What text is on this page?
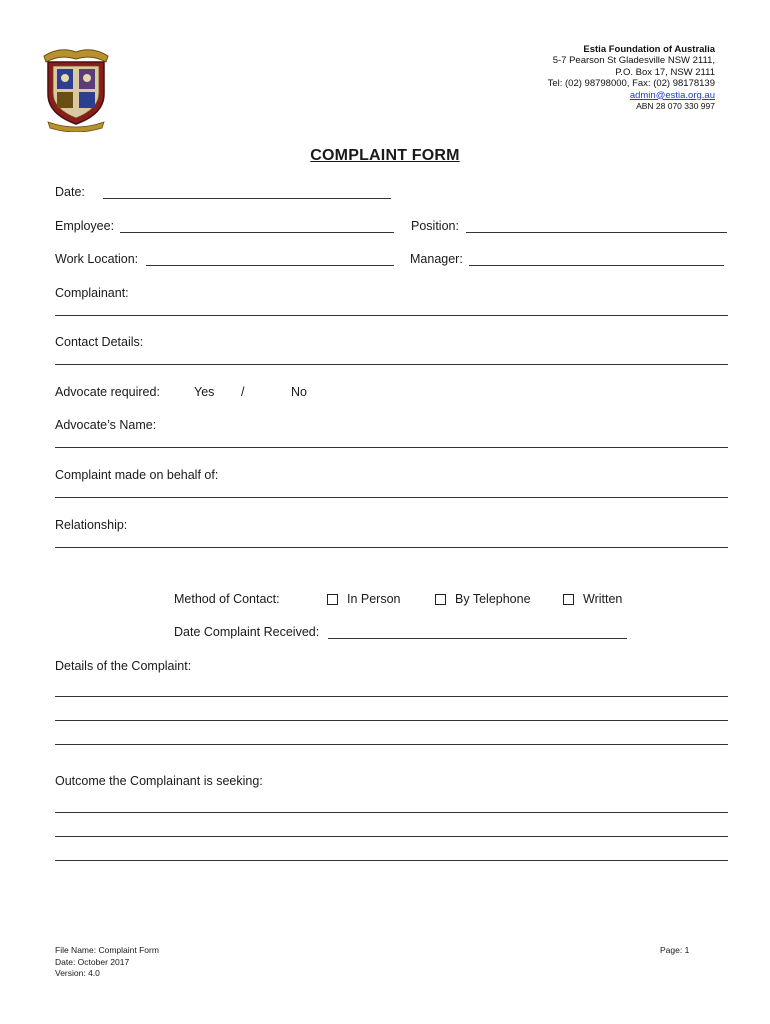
Estia Foundation of Australia
5-7 Pearson St Gladesville NSW 2111,
P.O. Box 17, NSW 2111
Tel: (02) 98798000, Fax: (02) 98178139
admin@estia.org.au
ABN 28 070 330 997
COMPLAINT FORM
Date:
Employee:	Position:
Work Location:	Manager:
Complainant:
Contact Details:
Advocate required:	Yes /	No
Advocate’s Name:
Complaint made on behalf of:
Relationship:
Method of Contact:	In Person	By Telephone	Written
Date Complaint Received:
Details of the Complaint:
Outcome the Complainant is seeking:
File Name: Complaint Form
Date: October 2017
Version: 4.0
Page: 1
